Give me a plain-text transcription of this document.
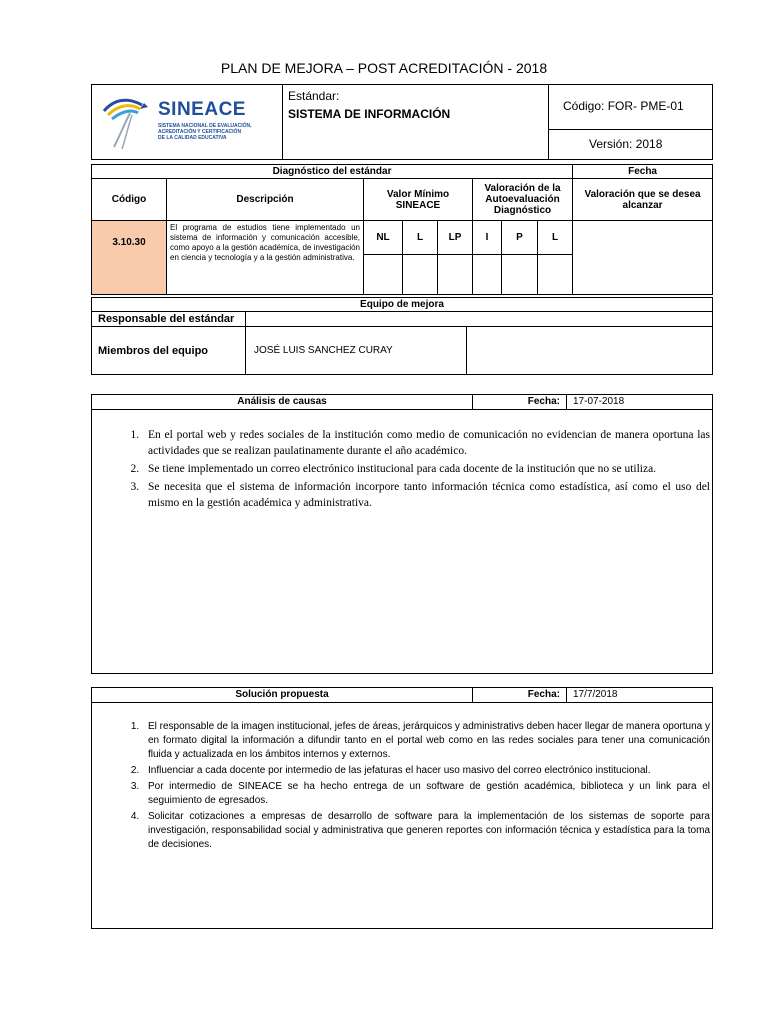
PLAN DE MEJORA – POST ACREDITACIÓN - 2018
SINEACE
SISTEMA NACIONAL DE EVALUACIÓN,
ACREDITACIÓN Y CERTIFICACIÓN
DE LA CALIDAD EDUCATIVA
Estándar:
SISTEMA DE INFORMACIÓN
Código: FOR- PME-01
Versión: 2018
Diagnóstico del estándar								Fecha
Código	Descripción	Valor Mínimo SINEACE			Valoración de la Autoevaluación Diagnóstico			Valoración que se desea alcanzar
3.10.30	El programa de estudios tiene implementado un sistema de información y comunicación accesible, como apoyo a la gestión académica, de investigación en ciencia y tecnología y a la gestión administrativa.	NL	L	LP	I	P	L	

Equipo de mejora		
Responsable del estándar		
Miembros del equipo	JOSÉ LUIS SANCHEZ CURAY	
Análisis de causas	Fecha:	17-07-2018
1. En el portal web y redes sociales de la institución como medio de comunicación no evidencian de manera oportuna las actividades que se realizan paulatinamente durante el año académico.
2. Se tiene implementado un correo electrónico institucional para cada docente de la institución que no se utiliza.
3. Se necesita que el sistema de información incorpore tanto información técnica como estadística, así como el uso del mismo en la gestión académica y administrativa.
Solución propuesta	Fecha:	17/7/2018
1. El responsable de la imagen institucional, jefes de áreas, jerárquicos y administrativs deben hacer llegar de manera oportuna y en formato digital la información a difundir tanto en el portal web como en las redes sociales para tener una comunicación fluida y actualizada en los ámbitos internos y externos.
2. Influenciar a cada docente por intermedio de las jefaturas el hacer uso masivo del correo electrónico institucional.
3. Por intermedio de SINEACE se ha hecho entrega de un software de gestión académica, biblioteca y un link para el seguimiento de egresados.
4. Solicitar cotizaciones a empresas de desarrollo de software para la implementación de los sistemas de soporte para investigación, responsabilidad social y administrativa que generen reportes con información técnica y estadística para la toma de decisiones.
